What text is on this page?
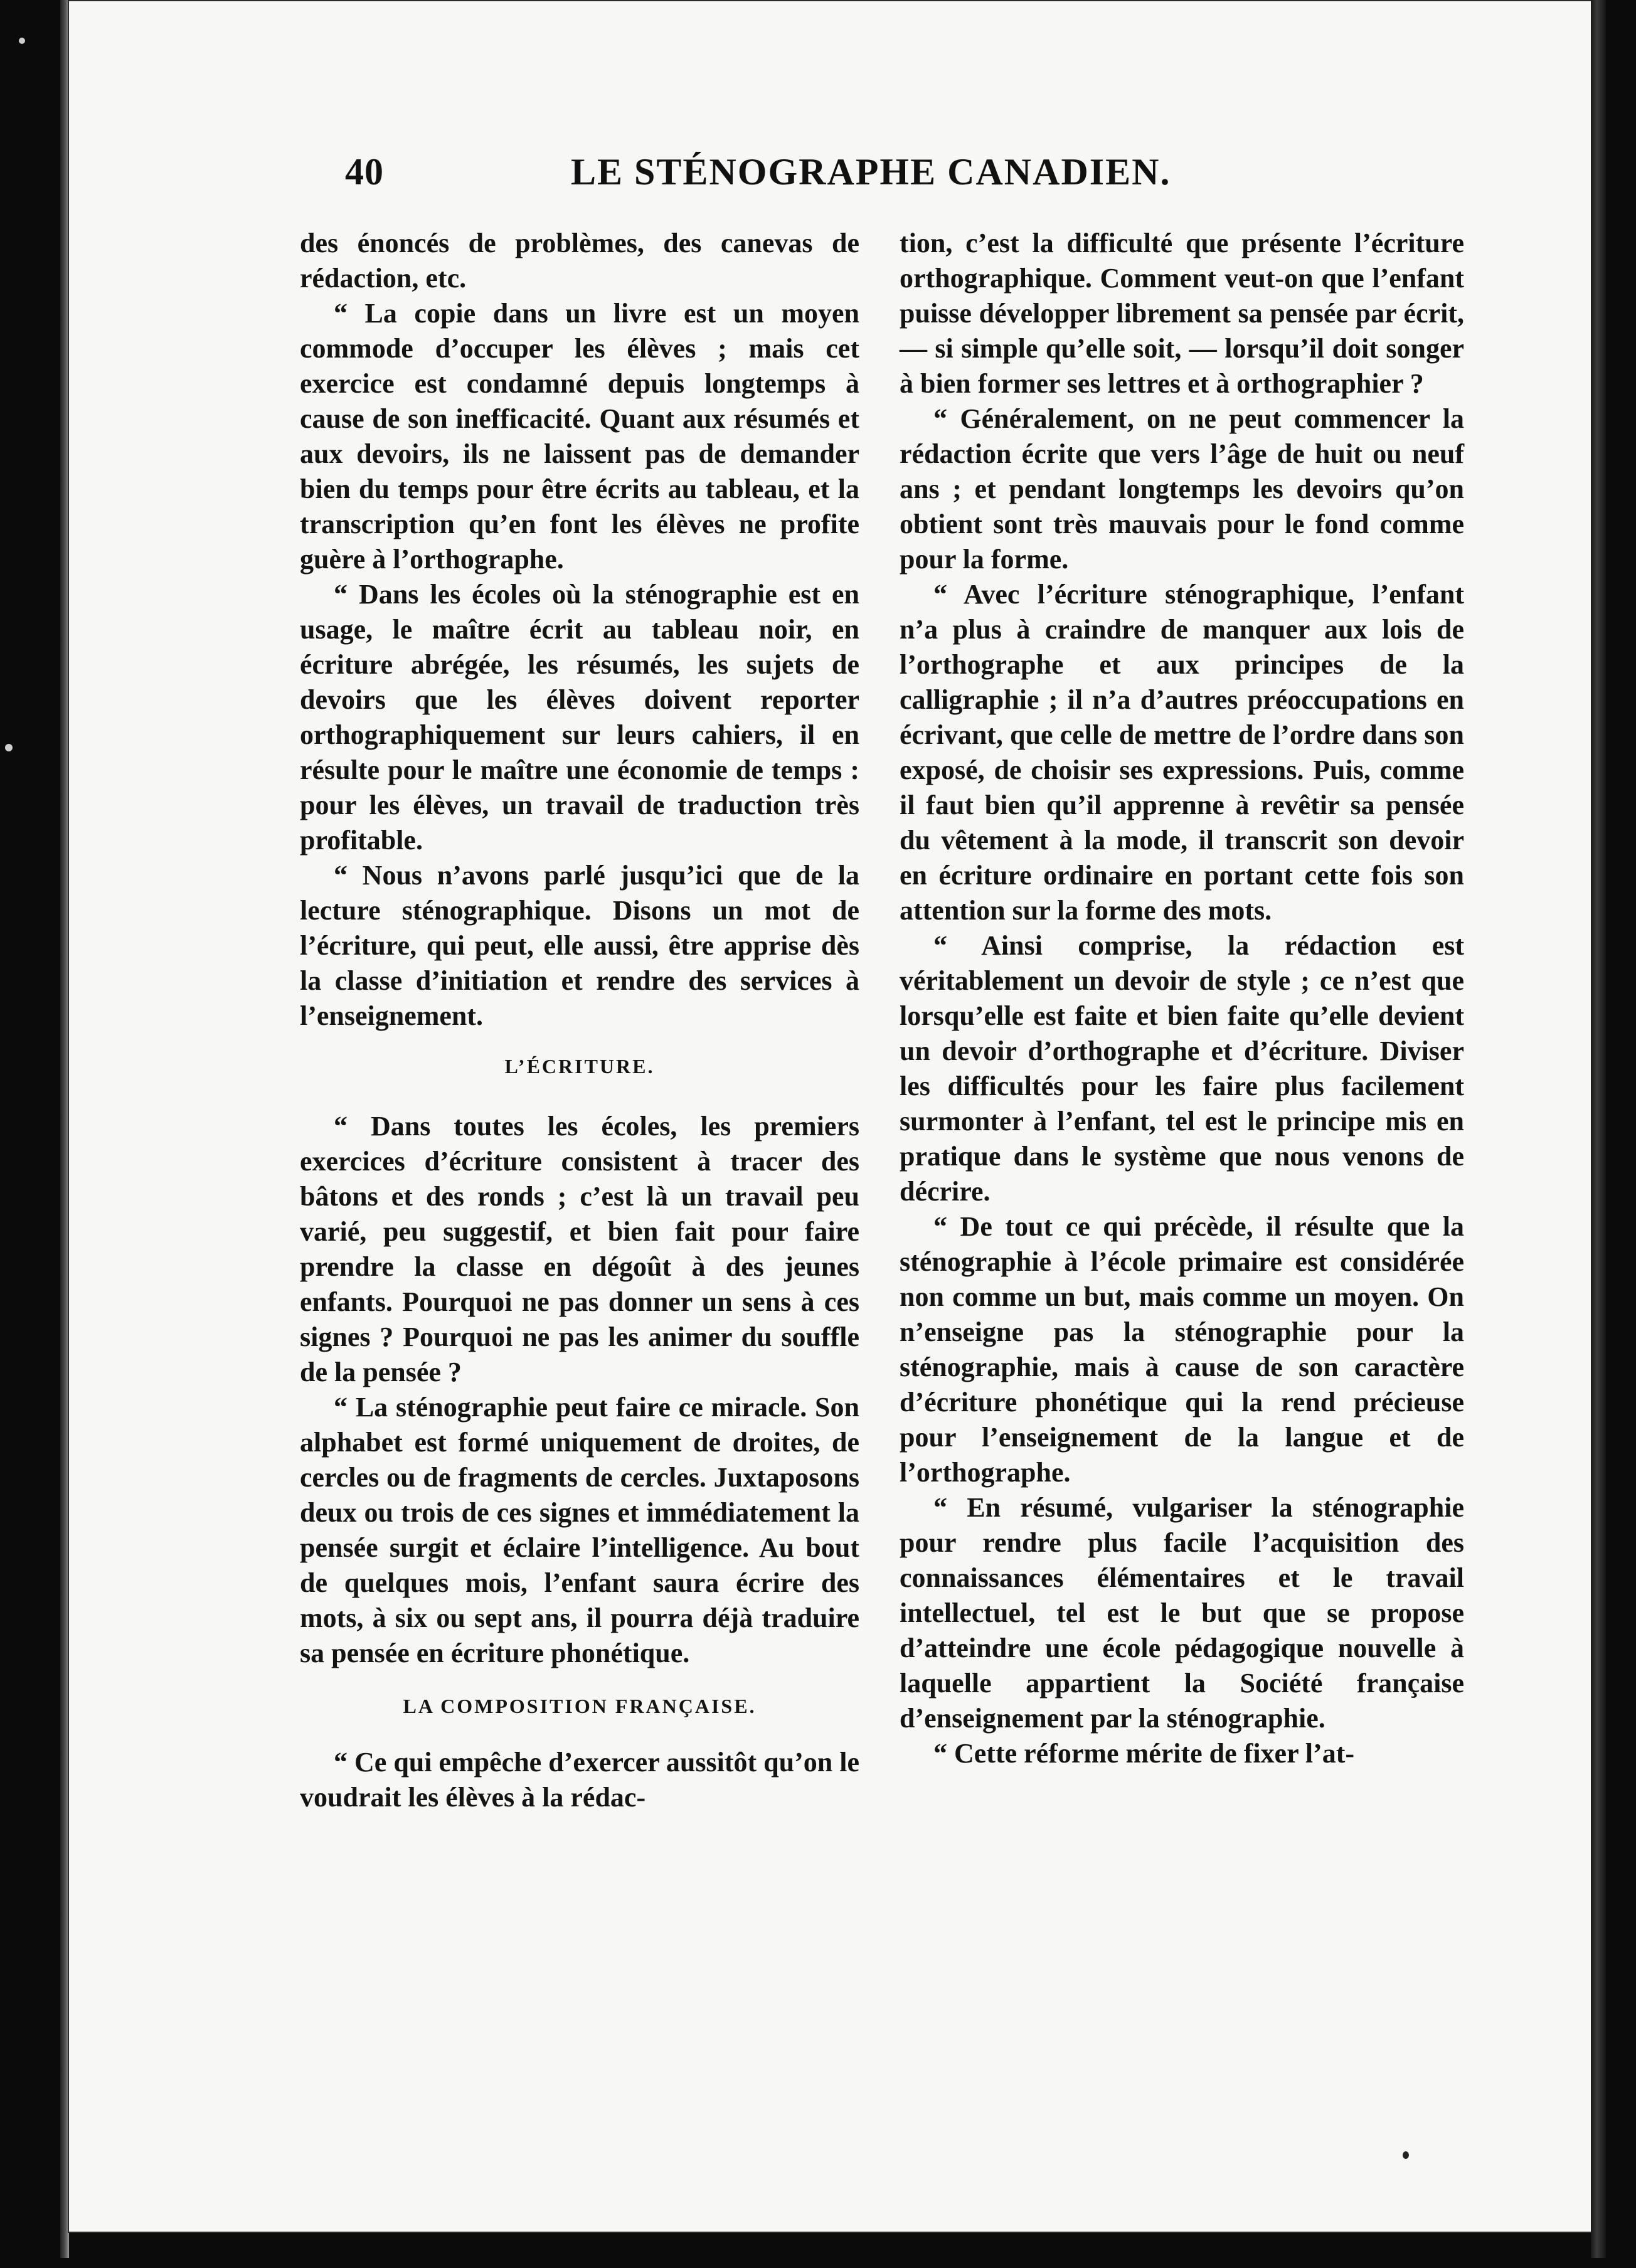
40	LE STÉNOGRAPHE CANADIEN.

des énoncés de problèmes, des canevas de rédaction, etc.

“ La copie dans un livre est un moyen commode d’occuper les élèves ; mais cet exercice est condamné depuis longtemps à cause de son inefficacité. Quant aux résumés et aux devoirs, ils ne laissent pas de demander bien du temps pour être écrits au tableau, et la transcription qu’en font les élèves ne profite guère à l’orthographe.

“ Dans les écoles où la sténographie est en usage, le maître écrit au tableau noir, en écriture abrégée, les résumés, les sujets de devoirs que les élèves doivent reporter orthographiquement sur leurs cahiers, il en résulte pour le maître une économie de temps : pour les élèves, un travail de traduction très profitable.

“ Nous n’avons parlé jusqu’ici que de la lecture sténographique. Disons un mot de l’écriture, qui peut, elle aussi, être apprise dès la classe d’initiation et rendre des services à l’enseignement.

L’ÉCRITURE.

“ Dans toutes les écoles, les premiers exercices d’écriture consistent à tracer des bâtons et des ronds ; c’est là un travail peu varié, peu suggestif, et bien fait pour faire prendre la classe en dégoût à des jeunes enfants. Pourquoi ne pas donner un sens à ces signes ? Pourquoi ne pas les animer du souffle de la pensée ?

“ La sténographie peut faire ce miracle. Son alphabet est formé uniquement de droites, de cercles ou de fragments de cercles. Juxtaposons deux ou trois de ces signes et immédiatement la pensée surgit et éclaire l’intelligence. Au bout de quelques mois, l’enfant saura écrire des mots, à six ou sept ans, il pourra déjà traduire sa pensée en écriture phonétique.

LA COMPOSITION FRANÇAISE.

“ Ce qui empêche d’exercer aussitôt qu’on le voudrait les élèves à la rédac-

tion, c’est la difficulté que présente l’écriture orthographique. Comment veut-on que l’enfant puisse développer librement sa pensée par écrit, — si simple qu’elle soit, — lorsqu’il doit songer à bien former ses lettres et à orthographier ?

“ Généralement, on ne peut commencer la rédaction écrite que vers l’âge de huit ou neuf ans ; et pendant longtemps les devoirs qu’on obtient sont très mauvais pour le fond comme pour la forme.

“ Avec l’écriture sténographique, l’enfant n’a plus à craindre de manquer aux lois de l’orthographe et aux principes de la calligraphie ; il n’a d’autres préoccupations en écrivant, que celle de mettre de l’ordre dans son exposé, de choisir ses expressions. Puis, comme il faut bien qu’il apprenne à revêtir sa pensée du vêtement à la mode, il transcrit son devoir en écriture ordinaire en portant cette fois son attention sur la forme des mots.

“ Ainsi comprise, la rédaction est véritablement un devoir de style ; ce n’est que lorsqu’elle est faite et bien faite qu’elle devient un devoir d’orthographe et d’écriture. Diviser les difficultés pour les faire plus facilement surmonter à l’enfant, tel est le principe mis en pratique dans le système que nous venons de décrire.

“ De tout ce qui précède, il résulte que la sténographie à l’école primaire est considérée non comme un but, mais comme un moyen. On n’enseigne pas la sténographie pour la sténographie, mais à cause de son caractère d’écriture phonétique qui la rend précieuse pour l’enseignement de la langue et de l’orthographe.

“ En résumé, vulgariser la sténographie pour rendre plus facile l’acquisition des connaissances élémentaires et le travail intellectuel, tel est le but que se propose d’atteindre une école pédagogique nouvelle à laquelle appartient la Société française d’enseignement par la sténographie.

“ Cette réforme mérite de fixer l’at-
